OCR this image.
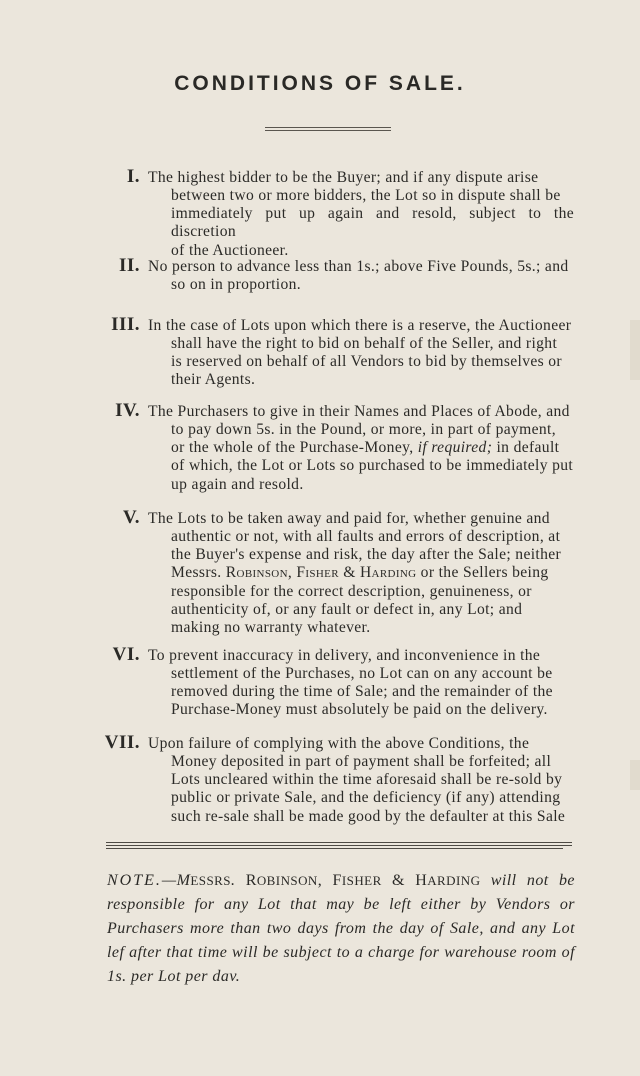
CONDITIONS OF SALE.
I. The highest bidder to be the Buyer; and if any dispute arise
between two or more bidders, the Lot so in dispute shall be
immediately put up again and resold, subject to the discretion
of the Auctioneer.
II. No person to advance less than 1s.; above Five Pounds, 5s.; and
so on in proportion.
III. In the case of Lots upon which there is a reserve, the Auctioneer
shall have the right to bid on behalf of the Seller, and right
is reserved on behalf of all Vendors to bid by themselves or
their Agents.
IV. The Purchasers to give in their Names and Places of Abode, and
to pay down 5s. in the Pound, or more, in part of payment,
or the whole of the Purchase-Money, if required; in default
of which, the Lot or Lots so purchased to be immediately put
up again and resold.
V. The Lots to be taken away and paid for, whether genuine and
authentic or not, with all faults and errors of description, at
the Buyer's expense and risk, the day after the Sale; neither
Messrs. Robinson, Fisher & Harding or the Sellers being
responsible for the correct description, genuineness, or
authenticity of, or any fault or defect in, any Lot; and
making no warranty whatever.
VI. To prevent inaccuracy in delivery, and inconvenience in the
settlement of the Purchases, no Lot can on any account be
removed during the time of Sale; and the remainder of the
Purchase-Money must absolutely be paid on the delivery.
VII. Upon failure of complying with the above Conditions, the
Money deposited in part of payment shall be forfeited; all
Lots uncleared within the time aforesaid shall be re-sold by
public or private Sale, and the deficiency (if any) attending
such re-sale shall be made good by the defaulter at this Sale
NOTE.—MESSRS. ROBINSON, FISHER & HARDING will not be responsible for any Lot that may be left either by Vendors or Purchasers more than two days from the day of Sale, and any Lot lef after that time will be subject to a charge for warehouse room of 1s. per Lot per dav.
